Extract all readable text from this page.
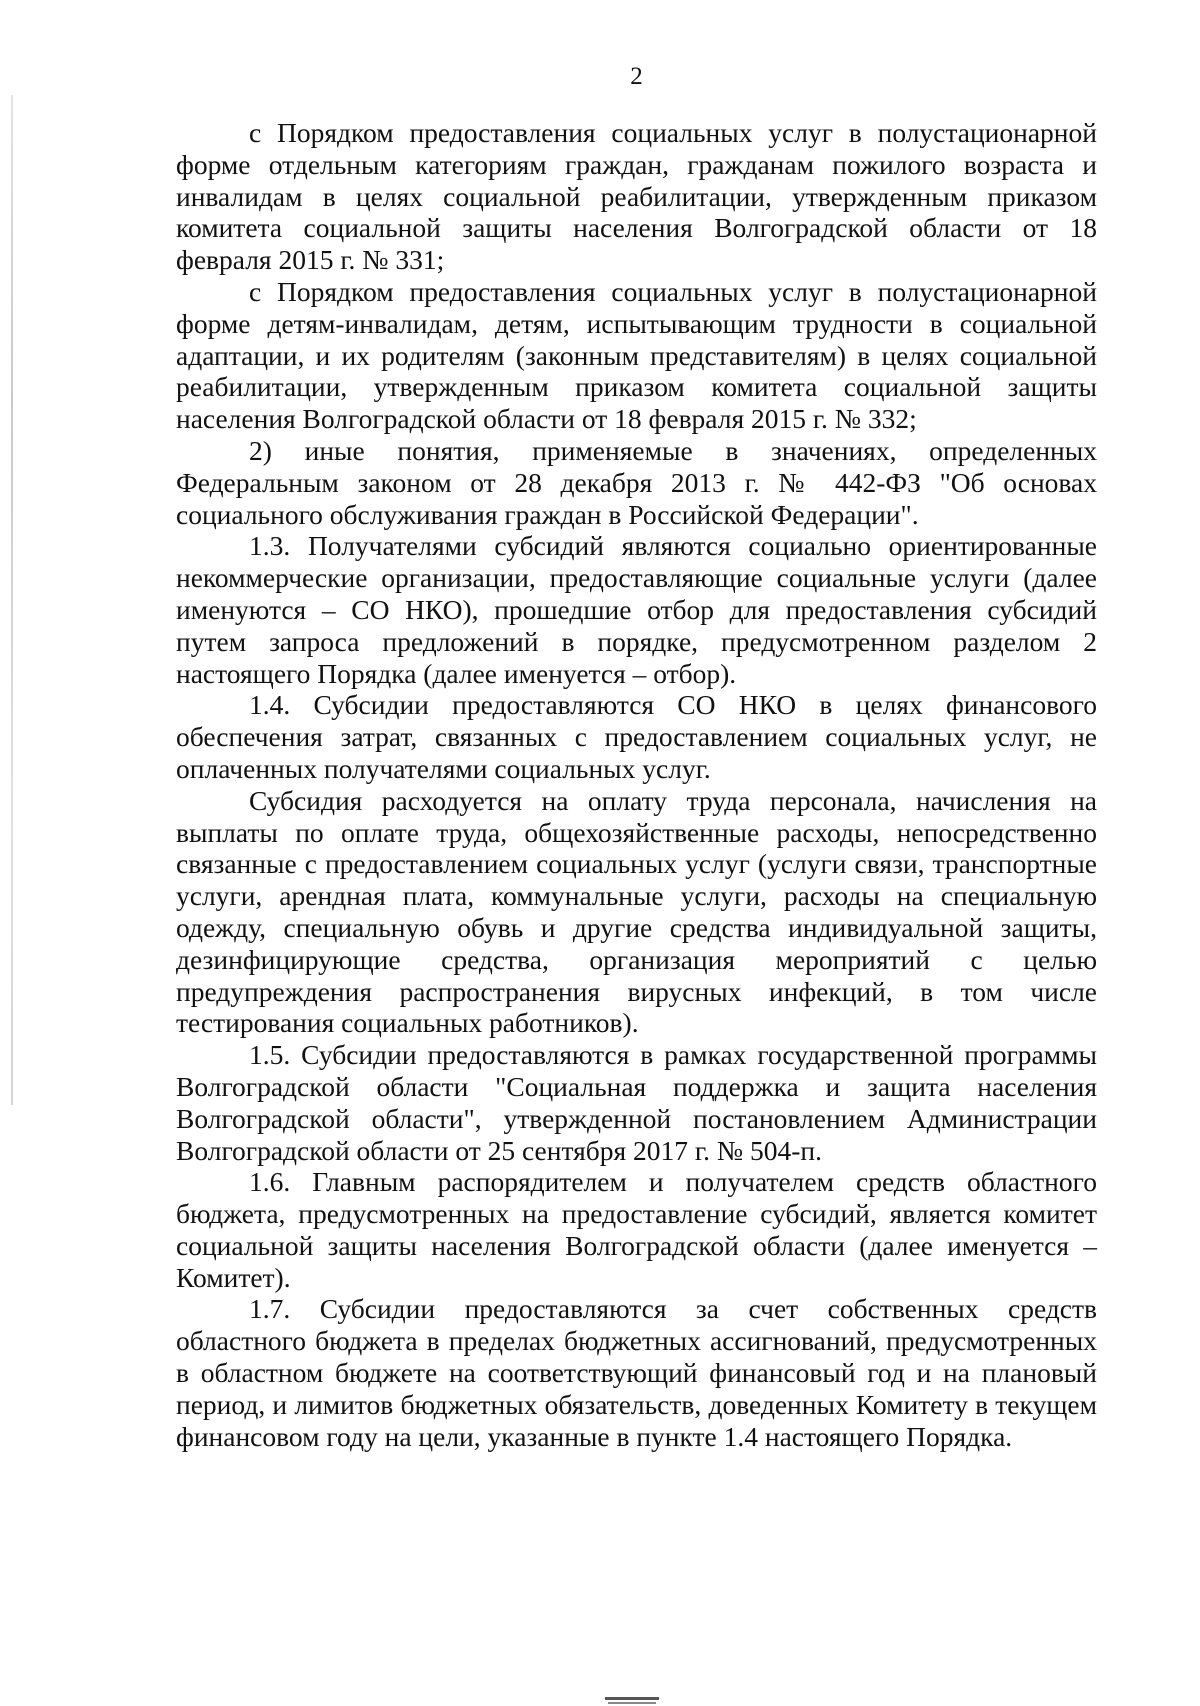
2

с Порядком предоставления социальных услуг в полустационарной форме отдельным категориям граждан, гражданам пожилого возраста и инвалидам в целях социальной реабилитации, утвержденным приказом комитета социальной защиты населения Волгоградской области от 18 февраля 2015 г. № 331;

с Порядком предоставления социальных услуг в полустационарной форме детям-инвалидам, детям, испытывающим трудности в социальной адаптации, и их родителям (законным представителям) в целях социальной реабилитации, утвержденным приказом комитета социальной защиты населения Волгоградской области от 18 февраля 2015 г. № 332;

2) иные понятия, применяемые в значениях, определенных Федеральным законом от 28 декабря 2013 г. № 442-ФЗ "Об основах социального обслуживания граждан в Российской Федерации".

1.3. Получателями субсидий являются социально ориентированные некоммерческие организации, предоставляющие социальные услуги (далее именуются – СО НКО), прошедшие отбор для предоставления субсидий путем запроса предложений в порядке, предусмотренном разделом 2 настоящего Порядка (далее именуется – отбор).

1.4. Субсидии предоставляются СО НКО в целях финансового обеспечения затрат, связанных с предоставлением социальных услуг, не оплаченных получателями социальных услуг.

Субсидия расходуется на оплату труда персонала, начисления на выплаты по оплате труда, общехозяйственные расходы, непосредственно связанные с предоставлением социальных услуг (услуги связи, транспортные услуги, арендная плата, коммунальные услуги, расходы на специальную одежду, специальную обувь и другие средства индивидуальной защиты, дезинфицирующие средства, организация мероприятий с целью предупреждения распространения вирусных инфекций, в том числе тестирования социальных работников).

1.5. Субсидии предоставляются в рамках государственной программы Волгоградской области "Социальная поддержка и защита населения Волгоградской области", утвержденной постановлением Администрации Волгоградской области от 25 сентября 2017 г. № 504-п.

1.6. Главным распорядителем и получателем средств областного бюджета, предусмотренных на предоставление субсидий, является комитет социальной защиты населения Волгоградской области (далее именуется – Комитет).

1.7. Субсидии предоставляются за счет собственных средств областного бюджета в пределах бюджетных ассигнований, предусмотренных в областном бюджете на соответствующий финансовый год и на плановый период, и лимитов бюджетных обязательств, доведенных Комитету в текущем финансовом году на цели, указанные в пункте 1.4 настоящего Порядка.
